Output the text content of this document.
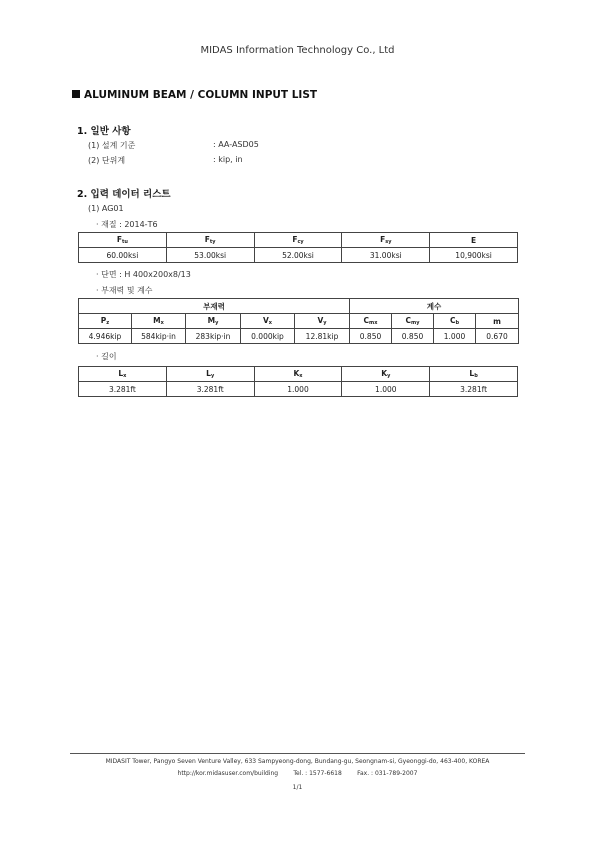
MIDAS Information Technology Co., Ltd
ALUMINUM BEAM / COLUMN INPUT LIST
1. 일반 사항
(1) 설계 기준	: AA-ASD05
(2) 단위계	: kip, in
2. 입력 데이터 리스트
(1) AG01
· 재질 : 2014-T6
$F_{tu}$	$F_{ty}$	$F_{cy}$	$F_{sy}$	E
60.00ksi	53.00ksi	52.00ksi	31.00ksi	10,900ksi
· 단면 : H 400x200x8/13
· 부재력 및 계수
부재력					계수			
$P_z$	$M_x$	$M_y$	$V_x$	$V_y$	$C_{mx}$	$C_{my}$	$C_b$	m
4.946kip	584kip·in	283kip·in	0.000kip	12.81kip	0.850	0.850	1.000	0.670
· 길이
$L_x$	$L_y$	$K_x$	$K_y$	$L_b$
3.281ft	3.281ft	1.000	1.000	3.281ft
MIDASIT Tower, Pangyo Seven Venture Valley, 633 Sampyeong-dong, Bundang-gu, Seongnam-si, Gyeonggi-do, 463-400, KOREA
http://kor.midasuser.com/building        Tel. : 1577-6618        Fax. : 031-789-2007
1/1
